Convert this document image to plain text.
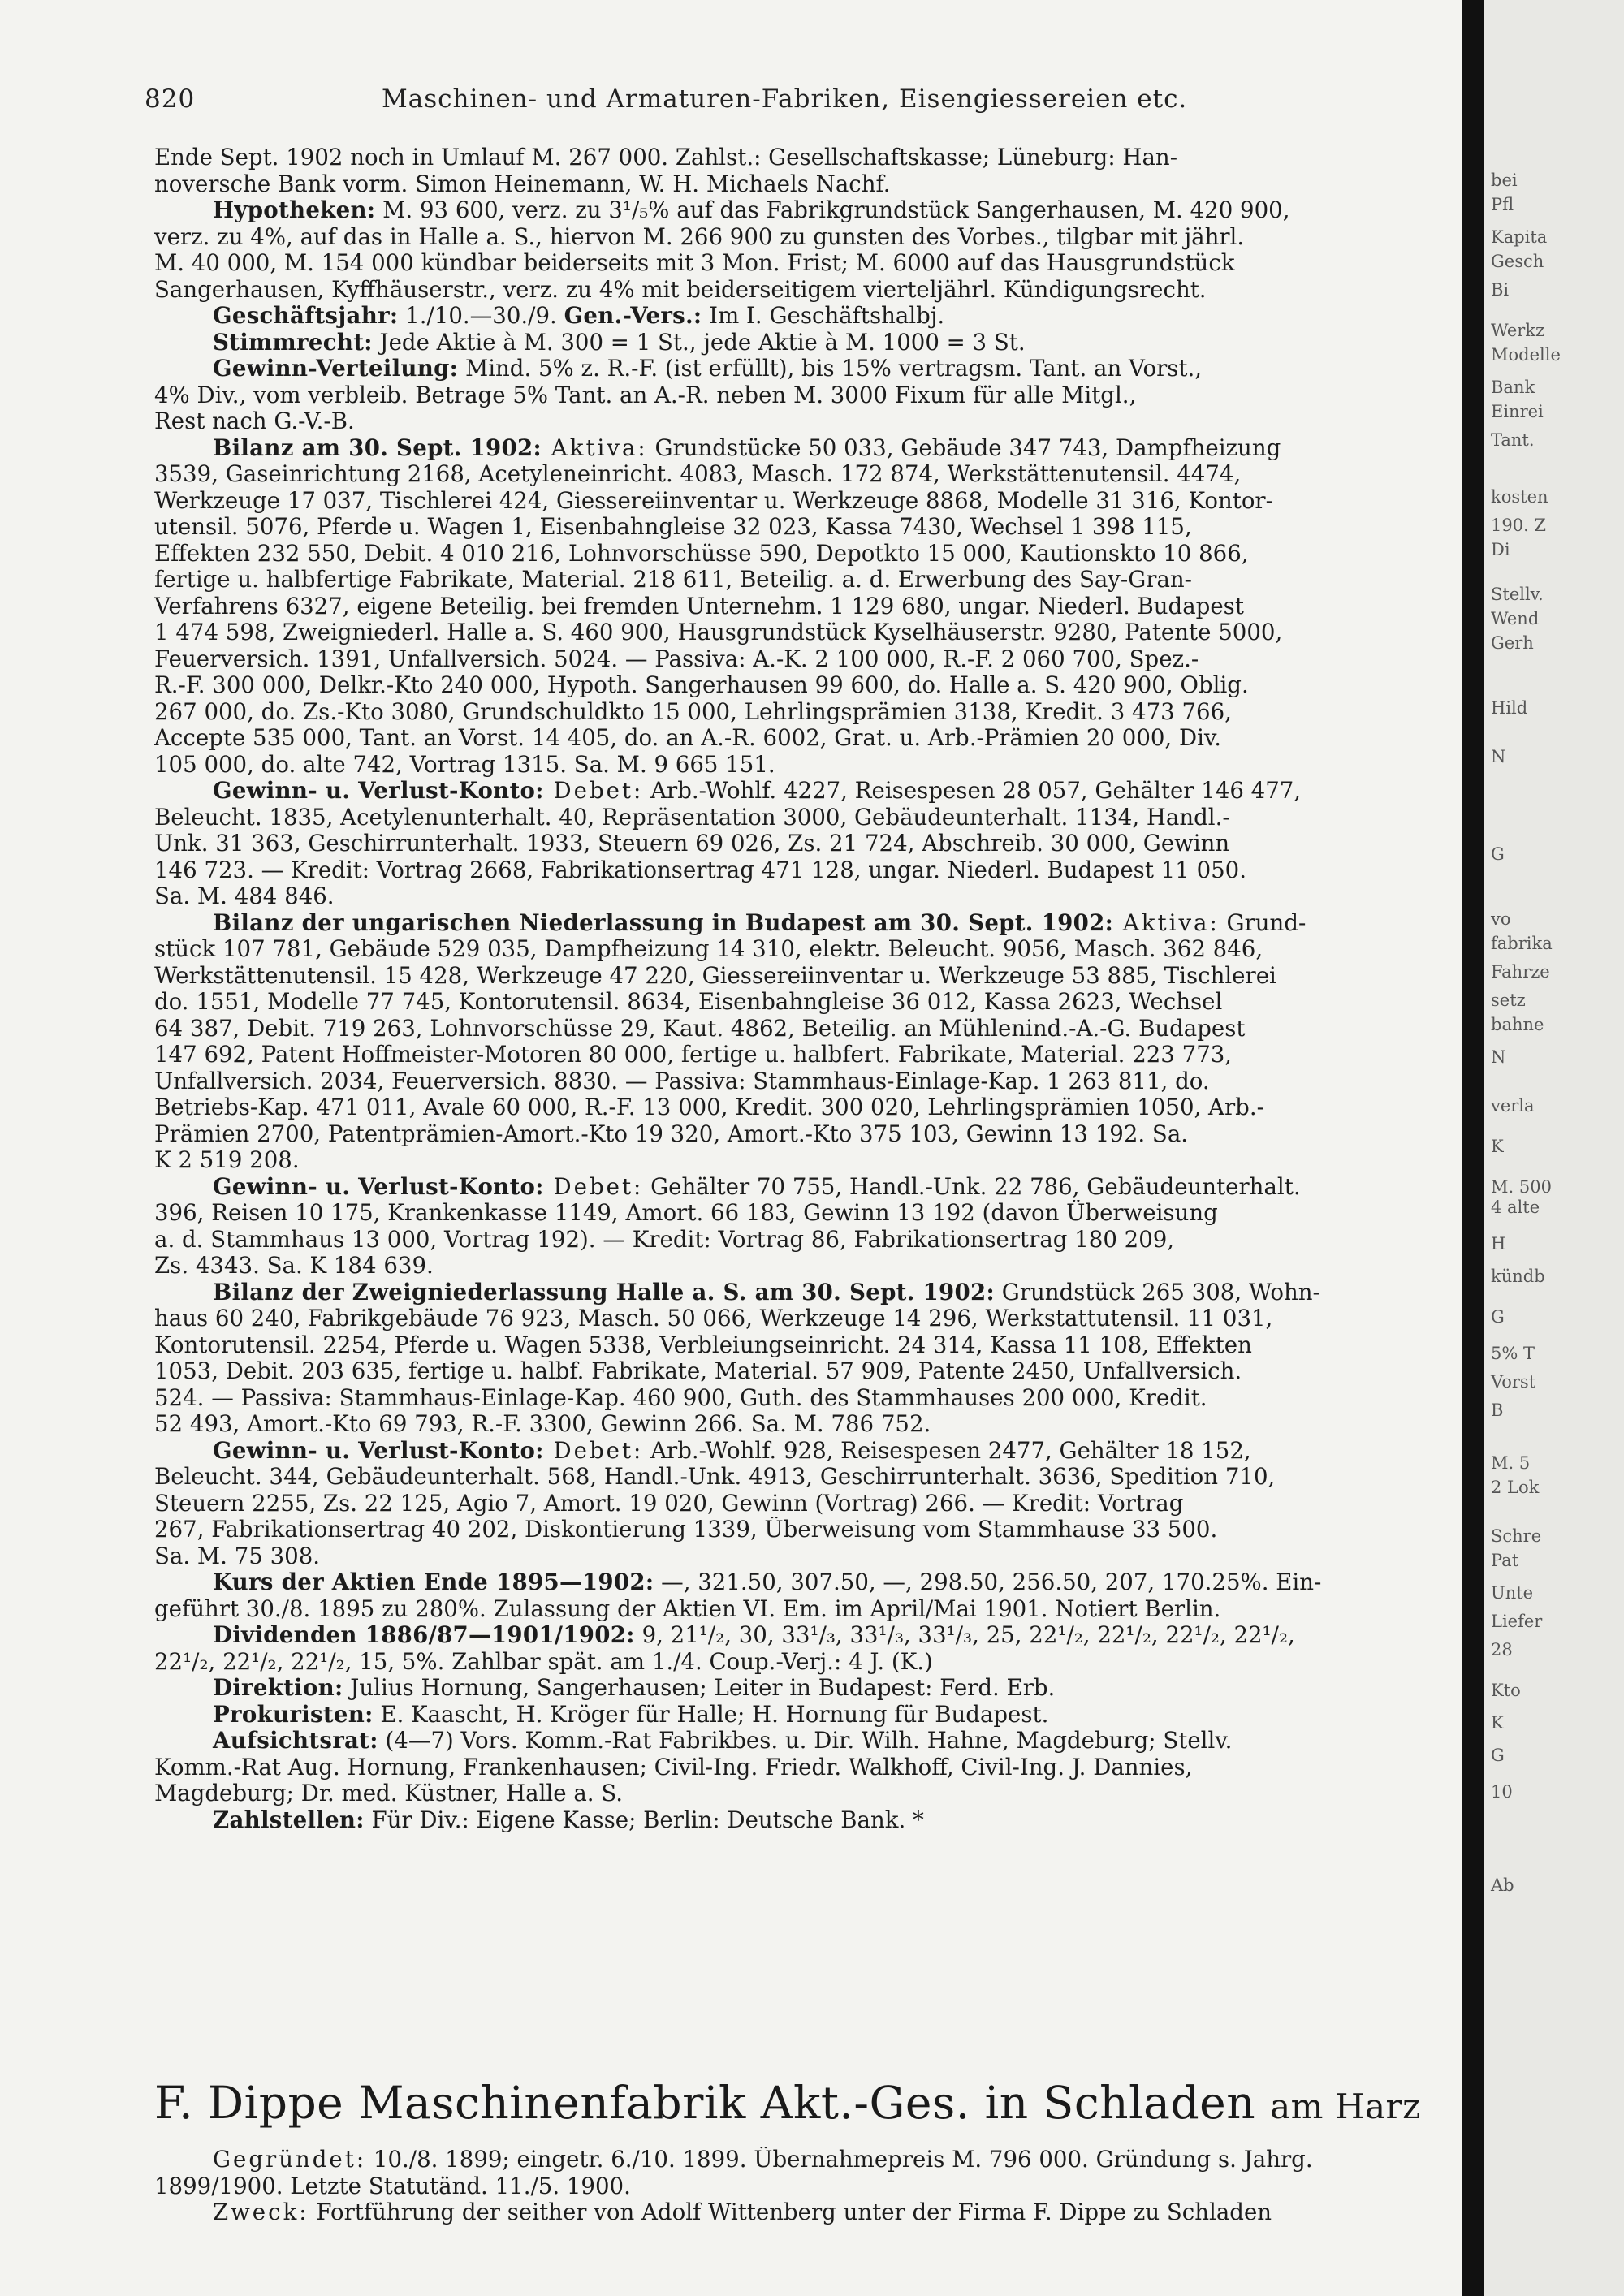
820	Maschinen- und Armaturen-Fabriken, Eisengiessereien etc.
Ende Sept. 1902 noch in Umlauf M. 267 000. Zahlst.: Gesellschaftskasse; Lüneburg: Han-
noversche Bank vorm. Simon Heinemann, W. H. Michaels Nachf.
Hypotheken: M. 93 600, verz. zu 3¹/₅% auf das Fabrikgrundstück Sangerhausen, M. 420 900,
verz. zu 4%, auf das in Halle a. S., hiervon M. 266 900 zu gunsten des Vorbes., tilgbar mit jährl.
M. 40 000, M. 154 000 kündbar beiderseits mit 3 Mon. Frist; M. 6000 auf das Hausgrundstück
Sangerhausen, Kyffhäuserstr., verz. zu 4% mit beiderseitigem vierteljährl. Kündigungsrecht.
Geschäftsjahr: 1./10.—30./9. Gen.-Vers.: Im I. Geschäftshalbj.
Stimmrecht: Jede Aktie à M. 300 = 1 St., jede Aktie à M. 1000 = 3 St.
Gewinn-Verteilung: Mind. 5% z. R.-F. (ist erfüllt), bis 15% vertragsm. Tant. an Vorst.,
4% Div., vom verbleib. Betrage 5% Tant. an A.-R. neben M. 3000 Fixum für alle Mitgl.,
Rest nach G.-V.-B.
Bilanz am 30. Sept. 1902: Aktiva: Grundstücke 50 033, Gebäude 347 743, Dampfheizung
3539, Gaseinrichtung 2168, Acetyleneinricht. 4083, Masch. 172 874, Werkstättenutensil. 4474,
Werkzeuge 17 037, Tischlerei 424, Giessereiinventar u. Werkzeuge 8868, Modelle 31 316, Kontor-
utensil. 5076, Pferde u. Wagen 1, Eisenbahngleise 32 023, Kassa 7430, Wechsel 1 398 115,
Effekten 232 550, Debit. 4 010 216, Lohnvorschüsse 590, Depotkto 15 000, Kautionskto 10 866,
fertige u. halbfertige Fabrikate, Material. 218 611, Beteilig. a. d. Erwerbung des Say-Gran-
Verfahrens 6327, eigene Beteilig. bei fremden Unternehm. 1 129 680, ungar. Niederl. Budapest
1 474 598, Zweigniederl. Halle a. S. 460 900, Hausgrundstück Kyselhäuserstr. 9280, Patente 5000,
Feuerversich. 1391, Unfallversich. 5024. — Passiva: A.-K. 2 100 000, R.-F. 2 060 700, Spez.-
R.-F. 300 000, Delkr.-Kto 240 000, Hypoth. Sangerhausen 99 600, do. Halle a. S. 420 900, Oblig.
267 000, do. Zs.-Kto 3080, Grundschuldkto 15 000, Lehrlingsprämien 3138, Kredit. 3 473 766,
Accepte 535 000, Tant. an Vorst. 14 405, do. an A.-R. 6002, Grat. u. Arb.-Prämien 20 000, Div.
105 000, do. alte 742, Vortrag 1315. Sa. M. 9 665 151.
Gewinn- u. Verlust-Konto: Debet: Arb.-Wohlf. 4227, Reisespesen 28 057, Gehälter 146 477,
Beleucht. 1835, Acetylenunterhalt. 40, Repräsentation 3000, Gebäudeunterhalt. 1134, Handl.-
Unk. 31 363, Geschirrunterhalt. 1933, Steuern 69 026, Zs. 21 724, Abschreib. 30 000, Gewinn
146 723. — Kredit: Vortrag 2668, Fabrikationsertrag 471 128, ungar. Niederl. Budapest 11 050.
Sa. M. 484 846.
Bilanz der ungarischen Niederlassung in Budapest am 30. Sept. 1902: Aktiva: Grund-
stück 107 781, Gebäude 529 035, Dampfheizung 14 310, elektr. Beleucht. 9056, Masch. 362 846,
Werkstättenutensil. 15 428, Werkzeuge 47 220, Giessereiinventar u. Werkzeuge 53 885, Tischlerei
do. 1551, Modelle 77 745, Kontorutensil. 8634, Eisenbahngleise 36 012, Kassa 2623, Wechsel
64 387, Debit. 719 263, Lohnvorschüsse 29, Kaut. 4862, Beteilig. an Mühlenind.-A.-G. Budapest
147 692, Patent Hoffmeister-Motoren 80 000, fertige u. halbfert. Fabrikate, Material. 223 773,
Unfallversich. 2034, Feuerversich. 8830. — Passiva: Stammhaus-Einlage-Kap. 1 263 811, do.
Betriebs-Kap. 471 011, Avale 60 000, R.-F. 13 000, Kredit. 300 020, Lehrlingsprämien 1050, Arb.-
Prämien 2700, Patentprämien-Amort.-Kto 19 320, Amort.-Kto 375 103, Gewinn 13 192. Sa.
K 2 519 208.
Gewinn- u. Verlust-Konto: Debet: Gehälter 70 755, Handl.-Unk. 22 786, Gebäudeunterhalt.
396, Reisen 10 175, Krankenkasse 1149, Amort. 66 183, Gewinn 13 192 (davon Überweisung
a. d. Stammhaus 13 000, Vortrag 192). — Kredit: Vortrag 86, Fabrikationsertrag 180 209,
Zs. 4343. Sa. K 184 639.
Bilanz der Zweigniederlassung Halle a. S. am 30. Sept. 1902: Grundstück 265 308, Wohn-
haus 60 240, Fabrikgebäude 76 923, Masch. 50 066, Werkzeuge 14 296, Werkstattutensil. 11 031,
Kontorutensil. 2254, Pferde u. Wagen 5338, Verbleiungseinricht. 24 314, Kassa 11 108, Effekten
1053, Debit. 203 635, fertige u. halbf. Fabrikate, Material. 57 909, Patente 2450, Unfallversich.
524. — Passiva: Stammhaus-Einlage-Kap. 460 900, Guth. des Stammhauses 200 000, Kredit.
52 493, Amort.-Kto 69 793, R.-F. 3300, Gewinn 266. Sa. M. 786 752.
Gewinn- u. Verlust-Konto: Debet: Arb.-Wohlf. 928, Reisespesen 2477, Gehälter 18 152,
Beleucht. 344, Gebäudeunterhalt. 568, Handl.-Unk. 4913, Geschirrunterhalt. 3636, Spedition 710,
Steuern 2255, Zs. 22 125, Agio 7, Amort. 19 020, Gewinn (Vortrag) 266. — Kredit: Vortrag
267, Fabrikationsertrag 40 202, Diskontierung 1339, Überweisung vom Stammhause 33 500.
Sa. M. 75 308.
Kurs der Aktien Ende 1895—1902: —, 321.50, 307.50, —, 298.50, 256.50, 207, 170.25%. Ein-
geführt 30./8. 1895 zu 280%. Zulassung der Aktien VI. Em. im April/Mai 1901. Notiert Berlin.
Dividenden 1886/87—1901/1902: 9, 21¹/₂, 30, 33¹/₃, 33¹/₃, 33¹/₃, 25, 22¹/₂, 22¹/₂, 22¹/₂, 22¹/₂,
22¹/₂, 22¹/₂, 22¹/₂, 15, 5%. Zahlbar spät. am 1./4. Coup.-Verj.: 4 J. (K.)
Direktion: Julius Hornung, Sangerhausen; Leiter in Budapest: Ferd. Erb.
Prokuristen: E. Kaascht, H. Kröger für Halle; H. Hornung für Budapest.
Aufsichtsrat: (4—7) Vors. Komm.-Rat Fabrikbes. u. Dir. Wilh. Hahne, Magdeburg; Stellv.
Komm.-Rat Aug. Hornung, Frankenhausen; Civil-Ing. Friedr. Walkhoff, Civil-Ing. J. Dannies,
Magdeburg; Dr. med. Küstner, Halle a. S.
Zahlstellen: Für Div.: Eigene Kasse; Berlin: Deutsche Bank. *
F. Dippe Maschinenfabrik Akt.-Ges. in Schladen am Harz
Gegründet: 10./8. 1899; eingetr. 6./10. 1899. Übernahmepreis M. 796 000. Gründung s. Jahrg.
1899/1900. Letzte Statutänd. 11./5. 1900.
Zweck: Fortführung der seither von Adolf Wittenberg unter der Firma F. Dippe zu Schladen
bei
Pfl
Kapita
Gesch
Bi
Werkz
Modelle
Bank
Einrei
Tant.
kosten
190. Z
Di
Stellv.
Wend
Gerh
Hild
N
G
vo
fabrika
Fahrze
setz
bahne
N
verla
K
M. 500
4 alte
H
kündb
G
5% T
Vorst
B
M. 5
2 Lok
Schre
Pat
Unte
Liefer
28
Kto
K
G
10
Ab
